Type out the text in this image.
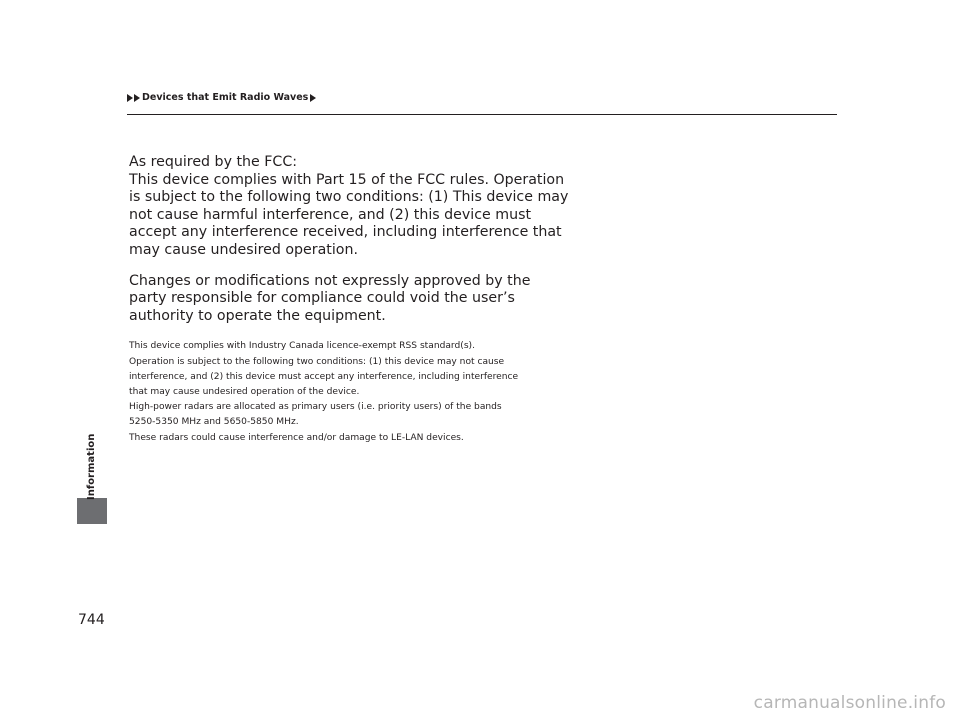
Devices that Emit Radio Waves
Information
744

As required by the FCC:
This device complies with Part 15 of the FCC rules. Operation is subject to the following two conditions: (1) This device may not cause harmful interference, and (2) this device must accept any interference received, including interference that may cause undesired operation.

Changes or modifications not expressly approved by the party responsible for compliance could void the user’s authority to operate the equipment.

This device complies with Industry Canada licence-exempt RSS standard(s).

Operation is subject to the following two conditions: (1) this device may not cause

interference, and (2) this device must accept any interference, including interference

that may cause undesired operation of the device.

High-power radars are allocated as primary users (i.e. priority users) of the bands

5250-5350 MHz and 5650-5850 MHz.

These radars could cause interference and/or damage to LE-LAN devices.

carmanualsonline.info
